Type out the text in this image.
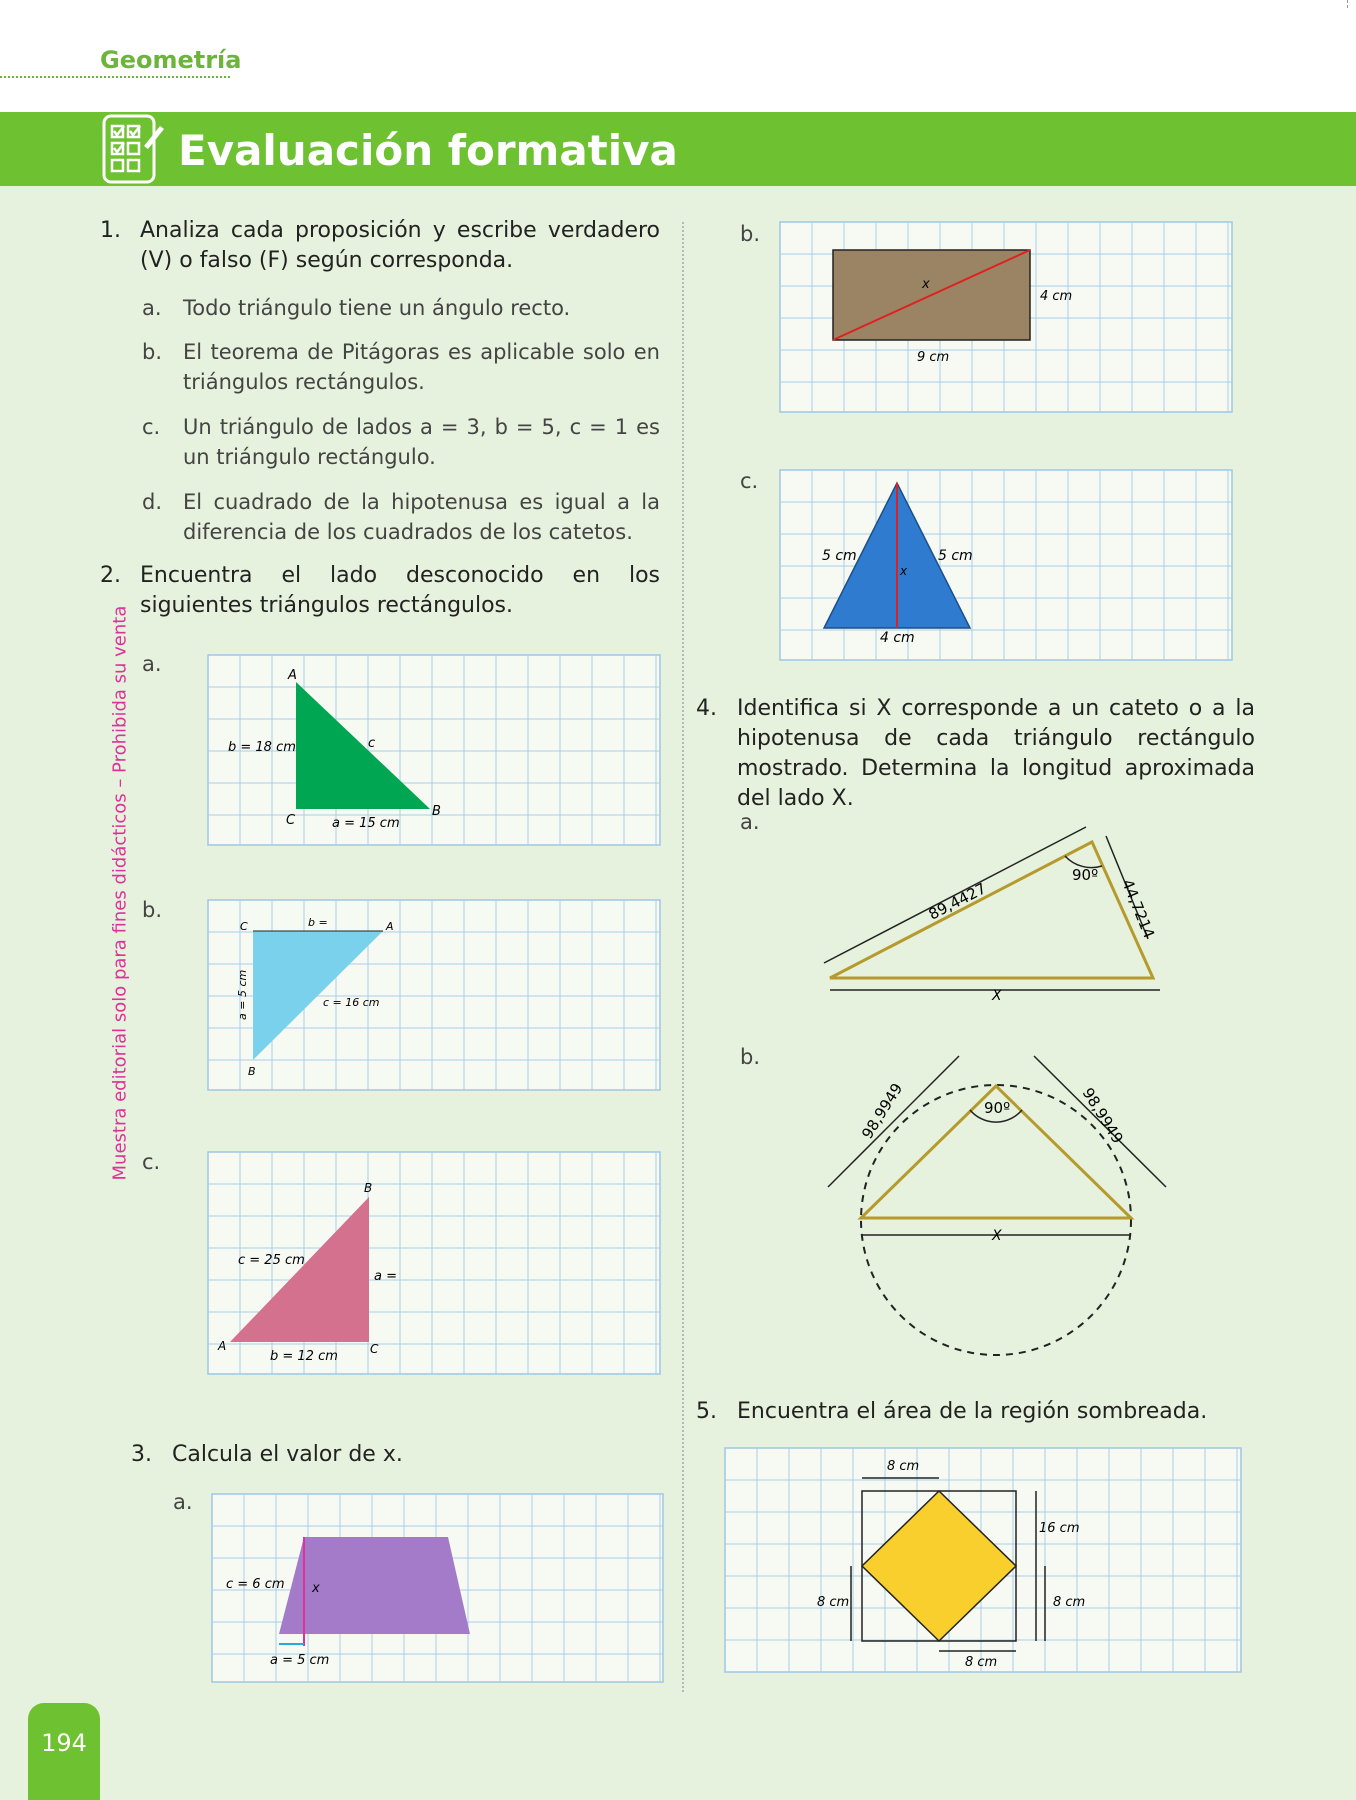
Geometría
Evaluación formativa
Muestra editorial solo para fines didácticos – Prohibida su venta
194
1. Analiza cada proposición y escribe verdadero (V) o falso (F) según corresponda.
a. Todo triángulo tiene un ángulo recto.
b. El teorema de Pitágoras es aplicable solo en triángulos rectángulos.
c. Un triángulo de lados a = 3, b = 5, c = 1 es un triángulo rectángulo.
d. El cuadrado de la hipotenusa es igual a la diferencia de los cuadrados de los catetos.
2. Encuentra el lado desconocido en los siguientes triángulos rectángulos.
a.	A
B
C
b = 18 cm	c
a = 15 cm
b.
C	A
B
b =
c = 16 cm
a = 5 cm
c.
B
A	C
c = 25 cm
a =
b = 12 cm
3. Calcula el valor de x.
a.
c = 6 cm x
a = 5 cm
b.
x
4 cm
9 cm
c.
5 cm	5 cm
x
4 cm
4. Identifica si X corresponde a un cateto o a la hipotenusa de cada triángulo rectángulo mostrado. Determina la longitud aproximada del lado X.
a.
89,4427	44,7214
90º
X
b.
98,9949	98,9949
90º
X
5. Encuentra el área de la región sombreada.
8 cm
16 cm
8 cm	8 cm
8 cm
